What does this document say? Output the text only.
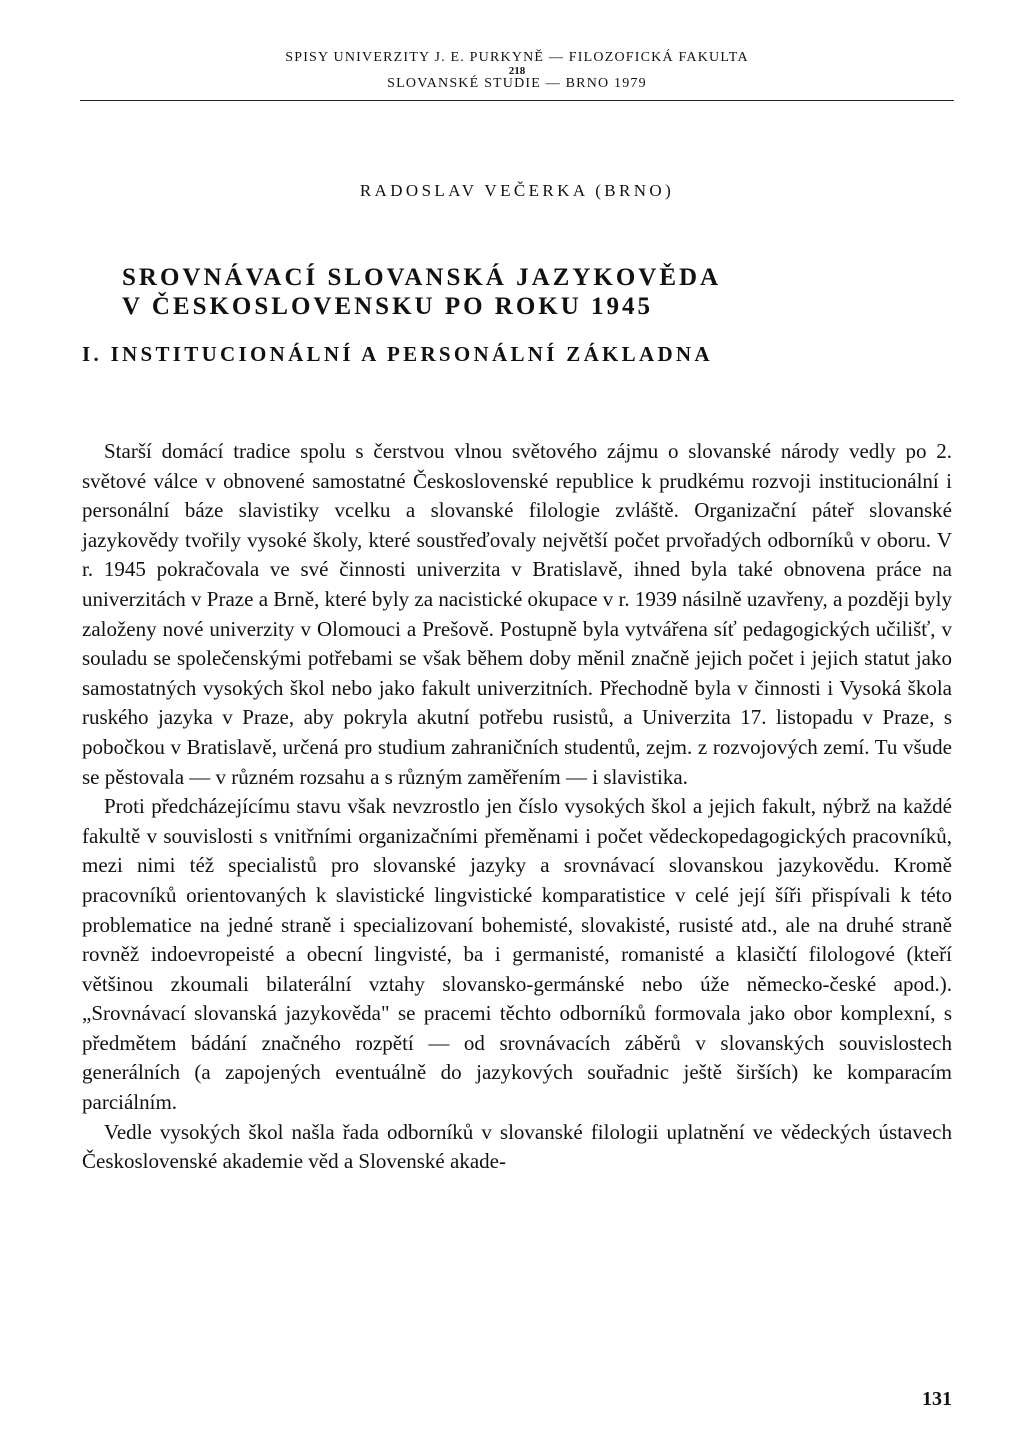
SPISY UNIVERZITY J. E. PURKYNĚ — FILOZOFICKÁ FAKULTA
218
SLOVANSKÉ STUDIE — BRNO 1979
RADOSLAV VEČERKA (BRNO)
SROVNÁVACÍ SLOVANSKÁ JAZYKOVĚDA
V ČESKOSLOVENSKU PO ROKU 1945
I. INSTITUCIONÁLNÍ A PERSONÁLNÍ ZÁKLADNA

Starší domácí tradice spolu s čerstvou vlnou světového zájmu o slovanské národy vedly po 2. světové válce v obnovené samostatné Československé republice k prudkému rozvoji institucionální i personální báze slavistiky vcelku a slovanské filologie zvláště. Organizační páteř slovanské jazykovědy tvořily vysoké školy, které soustřeďovaly největší počet prvořadých odborníků v oboru. V r. 1945 pokračovala ve své činnosti univerzita v Bratislavě, ihned byla také obnovena práce na univerzitách v Praze a Brně, které byly za nacistické okupace v r. 1939 násilně uzavřeny, a později byly založeny nové univerzity v Olomouci a Prešově. Postupně byla vytvářena síť pedagogických učilišť, v souladu se společenskými potřebami se však během doby měnil značně jejich počet i jejich statut jako samostatných vysokých škol nebo jako fakult univerzitních. Přechodně byla v činnosti i Vysoká škola ruského jazyka v Praze, aby pokryla akutní potřebu rusistů, a Univerzita 17. listopadu v Praze, s pobočkou v Bratislavě, určená pro studium zahraničních studentů, zejm. z rozvojových zemí. Tu všude se pěstovala — v různém rozsahu a s různým zaměřením — i slavistika.

Proti předcházejícímu stavu však nevzrostlo jen číslo vysokých škol a jejich fakult, nýbrž na každé fakultě v souvislosti s vnitřními organizačními přeměnami i počet vědeckopedagogických pracovníků, mezi nimi též specialistů pro slovanské jazyky a srovnávací slovanskou jazykovědu. Kromě pracovníků orientovaných k slavistické lingvistické komparatistice v celé její šíři přispívali k této problematice na jedné straně i specializovaní bohemisté, slovakisté, rusisté atd., ale na druhé straně rovněž indoevropeisté a obecní lingvisté, ba i germanisté, romanisté a klasičtí filologové (kteří většinou zkoumali bilaterální vztahy slovansko-germánské nebo úže německo-české apod.). „Srovnávací slovanská jazykověda" se pracemi těchto odborníků formovala jako obor komplexní, s předmětem bádání značného rozpětí — od srovnávacích záběrů v slovanských souvislostech generálních (a zapojených eventuálně do jazykových souřadnic ještě širších) ke komparacím parciálním.

Vedle vysokých škol našla řada odborníků v slovanské filologii uplatnění ve vědeckých ústavech Československé akademie věd a Slovenské akade-

131
